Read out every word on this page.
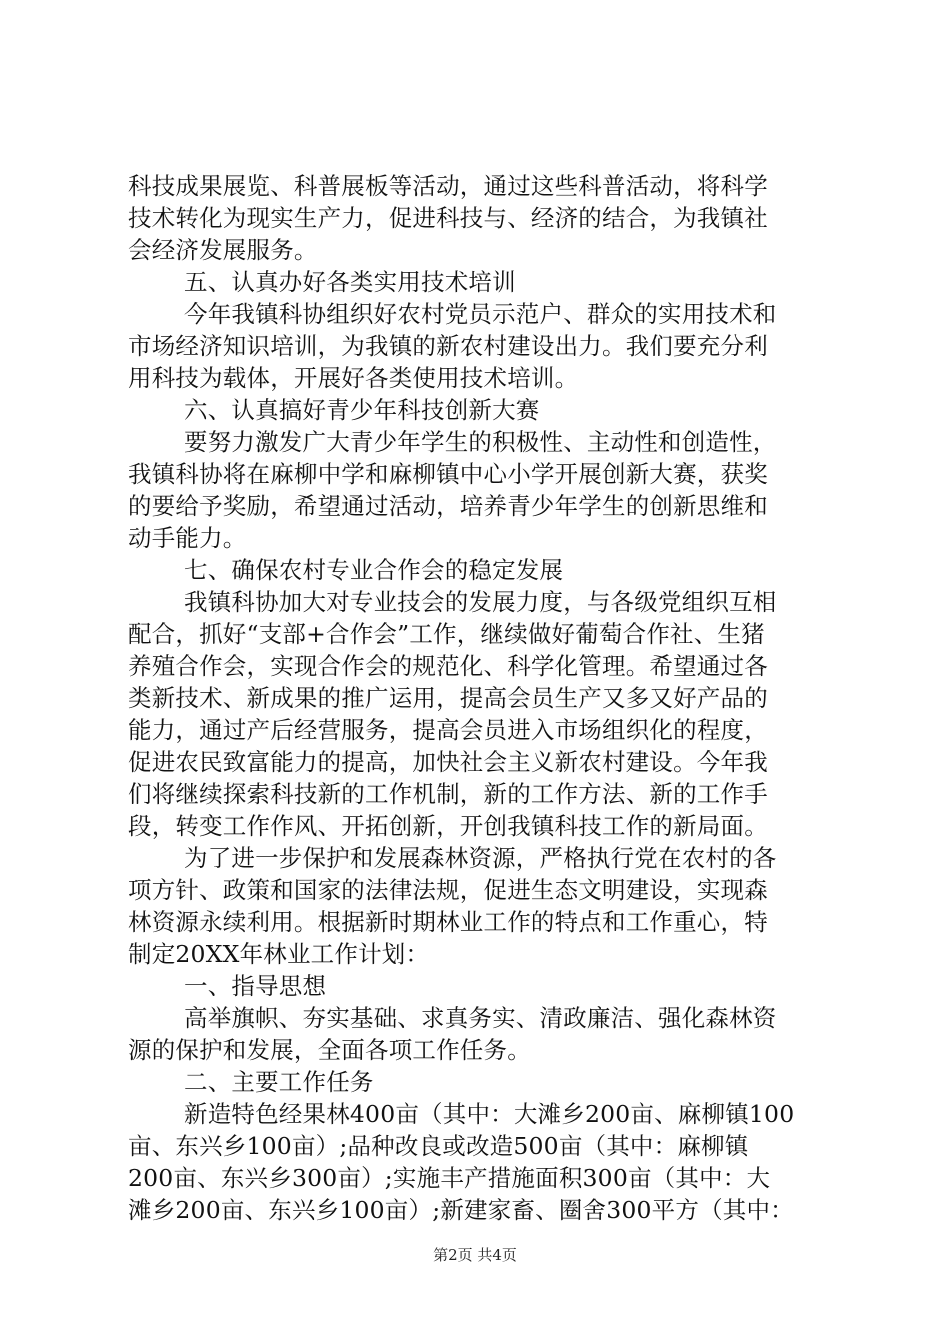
科技成果展览、科普展板等活动，通过这些科普活动，将科学
技术转化为现实生产力，促进科技与、经济的结合，为我镇社
会经济发展服务。
五、认真办好各类实用技术培训
今年我镇科协组织好农村党员示范户、群众的实用技术和
市场经济知识培训，为我镇的新农村建设出力。我们要充分利
用科技为载体，开展好各类使用技术培训。
六、认真搞好青少年科技创新大赛
要努力激发广大青少年学生的积极性、主动性和创造性，
我镇科协将在麻柳中学和麻柳镇中心小学开展创新大赛，获奖
的要给予奖励，希望通过活动，培养青少年学生的创新思维和
动手能力。
七、确保农村专业合作会的稳定发展
我镇科协加大对专业技会的发展力度，与各级党组织互相
配合，抓好“支部+合作会”工作，继续做好葡萄合作社、生猪
养殖合作会，实现合作会的规范化、科学化管理。希望通过各
类新技术、新成果的推广运用，提高会员生产又多又好产品的
能力，通过产后经营服务，提高会员进入市场组织化的程度，
促进农民致富能力的提高，加快社会主义新农村建设。今年我
们将继续探索科技新的工作机制，新的工作方法、新的工作手
段，转变工作作风、开拓创新，开创我镇科技工作的新局面。
为了进一步保护和发展森林资源，严格执行党在农村的各
项方针、政策和国家的法律法规，促进生态文明建设，实现森
林资源永续利用。根据新时期林业工作的特点和工作重心，特
制定20XX年林业工作计划：
一、指导思想
高举旗帜、夯实基础、求真务实、清政廉洁、强化森林资
源的保护和发展，全面各项工作任务。
二、主要工作任务
新造特色经果林400亩（其中：大滩乡200亩、麻柳镇100
亩、东兴乡100亩）;品种改良或改造500亩（其中：麻柳镇
200亩、东兴乡300亩）;实施丰产措施面积300亩（其中：大
滩乡200亩、东兴乡100亩）;新建家畜、圈舍300平方（其中：
第2页 共4页
